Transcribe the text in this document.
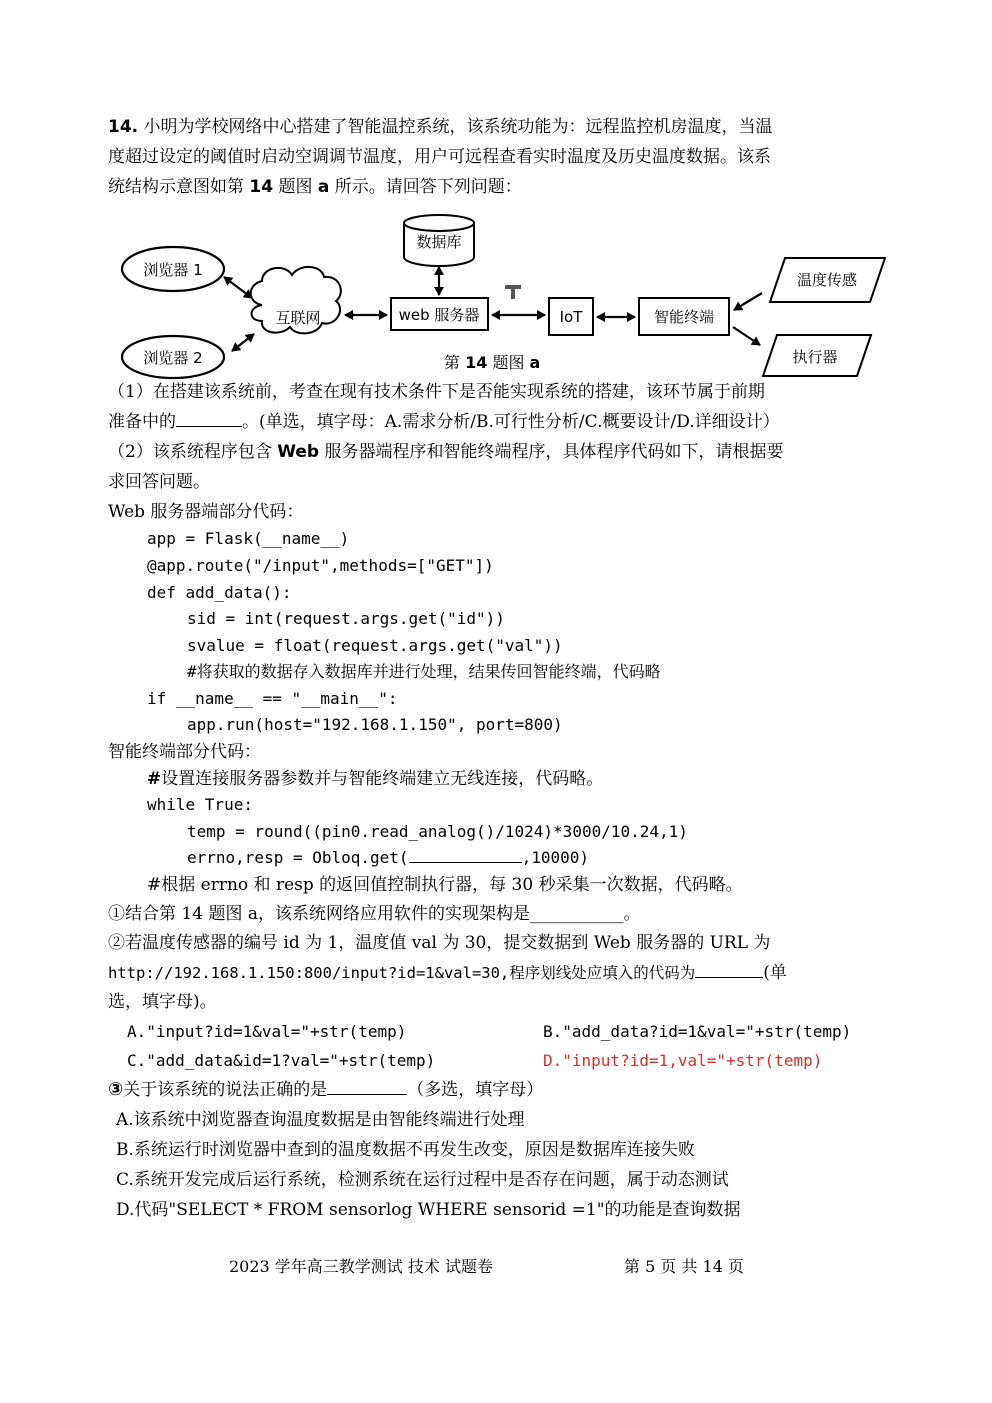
14. 小明为学校网络中心搭建了智能温控系统，该系统功能为：远程监控机房温度，当温
度超过设定的阈值时启动空调调节温度，用户可远程查看实时温度及历史温度数据。该系
统结构示意图如第 14 题图 a 所示。请回答下列问题：
浏览器 1
浏览器 2
互联网
数据库
web 服务器	IoT	智能终端
温度传感
执行器
第 14 题图 a
（1）在搭建该系统前，考查在现有技术条件下是否能实现系统的搭建，该环节属于前期
准备中的	。(单选，填字母：A.需求分析/B.可行性分析/C.概要设计/D.详细设计）
（2）该系统程序包含 Web 服务器端程序和智能终端程序，具体程序代码如下，请根据要
求回答问题。
Web 服务器端部分代码：
app = Flask(__name__)
@app.route("/input",methods=["GET"])
def add_data():
sid = int(request.args.get("id"))
svalue = float(request.args.get("val"))
#将获取的数据存入数据库并进行处理，结果传回智能终端，代码略
if __name__ == "__main__":
app.run(host="192.168.1.150", port=800)
智能终端部分代码：
#设置连接服务器参数并与智能终端建立无线连接，代码略。
while True:
temp = round((pin0.read_analog()/1024)*3000/10.24,1)
errno,resp = Obloq.get(	,10000)
#根据 errno 和 resp 的返回值控制执行器，每 30 秒采集一次数据，代码略。
①结合第 14 题图 a，该系统网络应用软件的实现架构是___________。
②若温度传感器的编号 id 为 1，温度值 val 为 30，提交数据到 Web 服务器的 URL 为
http://192.168.1.150:800/input?id=1&val=30,程序划线处应填入的代码为	(单
选，填字母)。
A."input?id=1&val="+str(temp)	B."add_data?id=1&val="+str(temp)
C."add_data&id=1?val="+str(temp)	D."input?id=1,val="+str(temp)
③关于该系统的说法正确的是	（多选，填字母）
A.该系统中浏览器查询温度数据是由智能终端进行处理
B.系统运行时浏览器中查到的温度数据不再发生改变，原因是数据库连接失败
C.系统开发完成后运行系统，检测系统在运行过程中是否存在问题，属于动态测试
D.代码"SELECT * FROM sensorlog WHERE sensorid =1"的功能是查询数据
2023 学年高三教学测试 技术 试题卷	第 5 页 共 14 页
